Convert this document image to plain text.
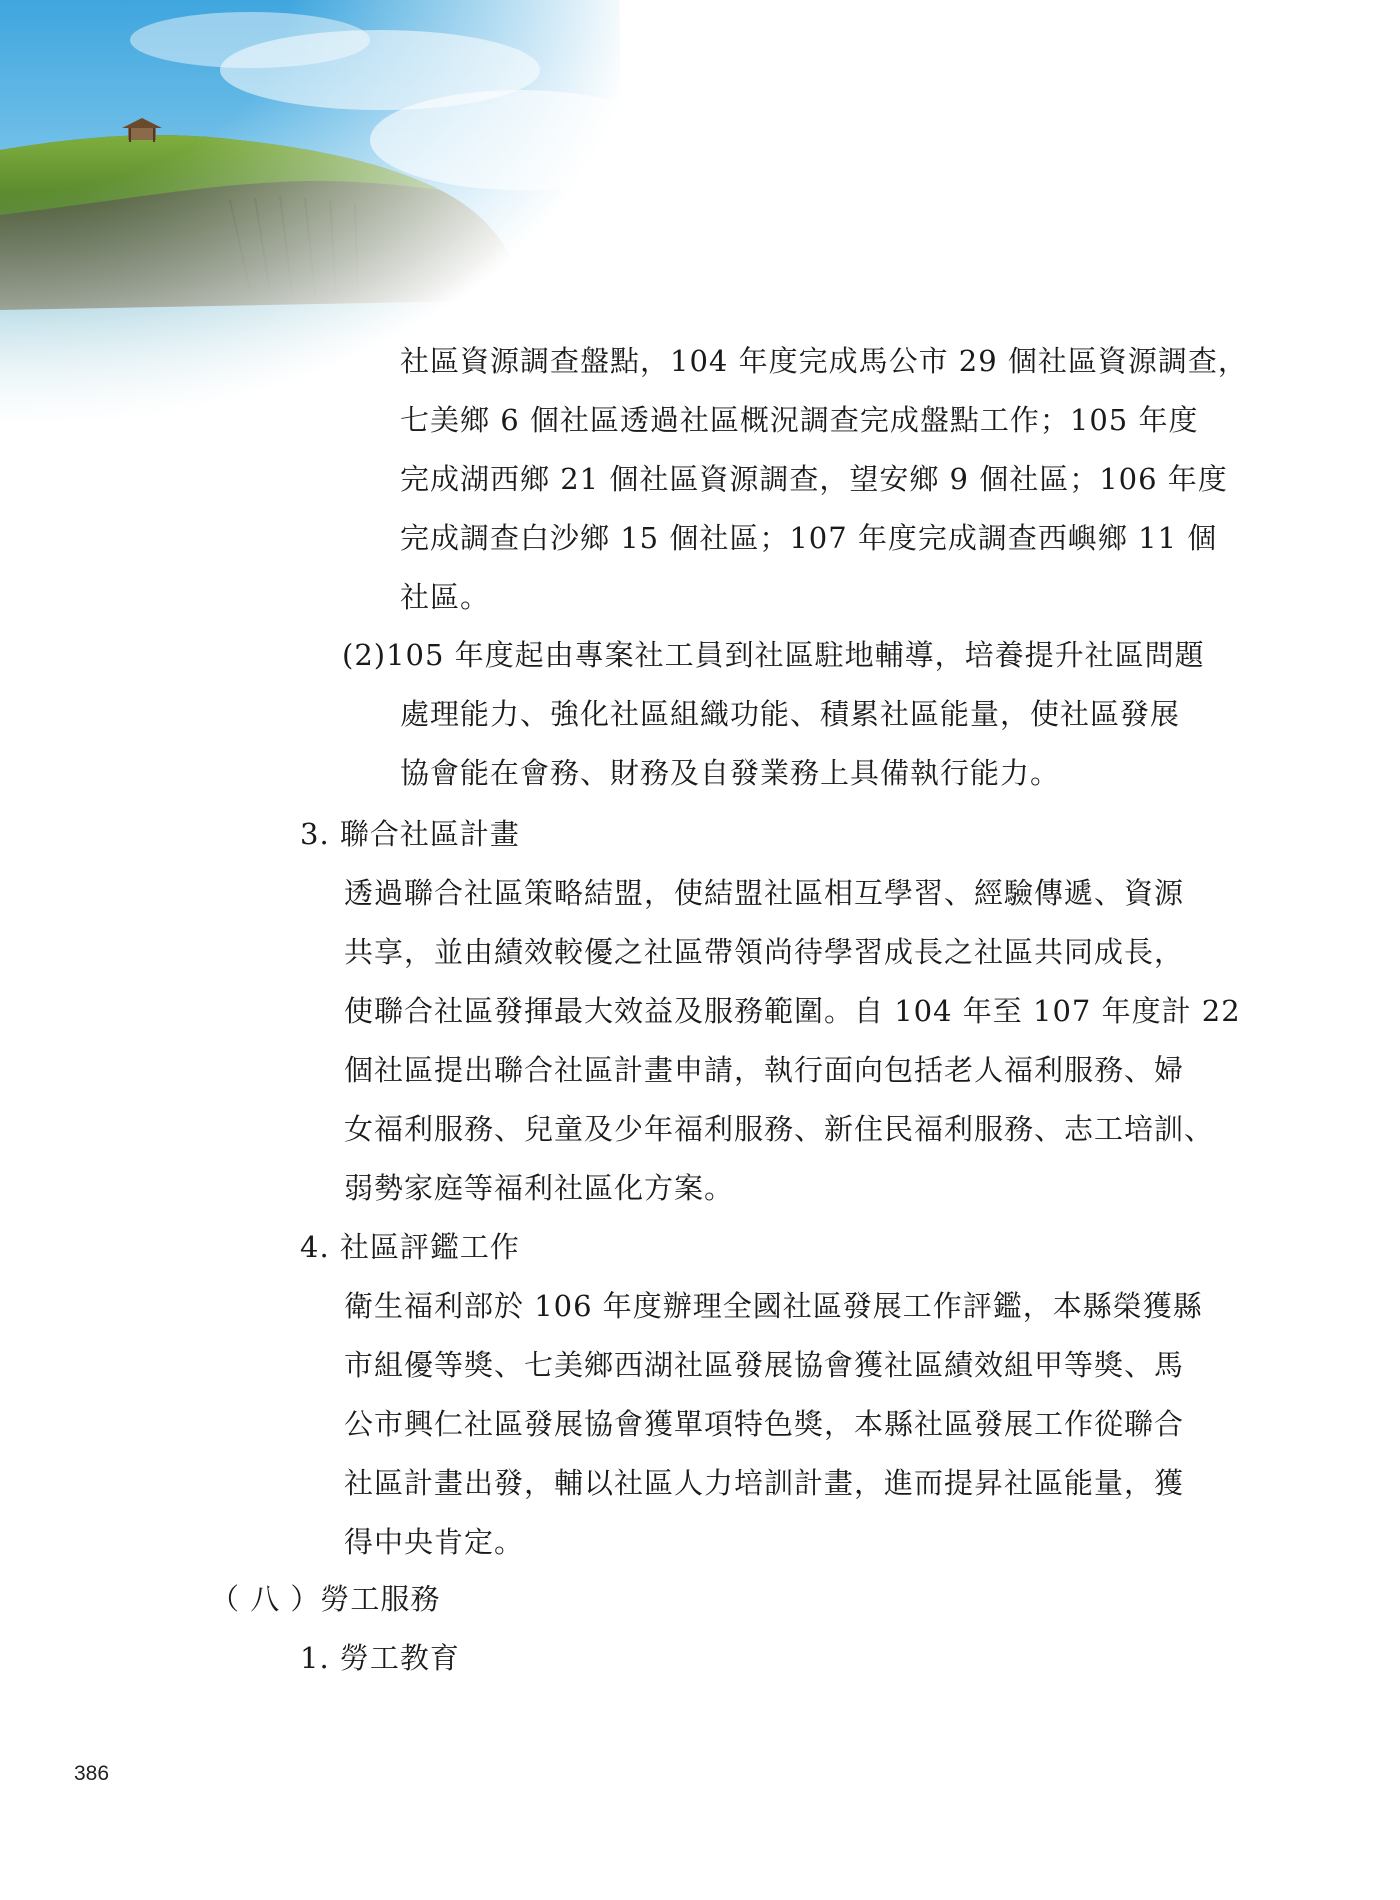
社區資源調查盤點，104 年度完成馬公市 29 個社區資源調查，
七美鄉 6 個社區透過社區概況調查完成盤點工作；105 年度
完成湖西鄉 21 個社區資源調查，望安鄉 9 個社區；106 年度
完成調查白沙鄉 15 個社區；107 年度完成調查西嶼鄉 11 個
社區。
(2)105 年度起由專案社工員到社區駐地輔導，培養提升社區問題
處理能力、強化社區組織功能、積累社區能量，使社區發展
協會能在會務、財務及自發業務上具備執行能力。
3. 聯合社區計畫
透過聯合社區策略結盟，使結盟社區相互學習、經驗傳遞、資源
共享，並由績效較優之社區帶領尚待學習成長之社區共同成長，
使聯合社區發揮最大效益及服務範圍。自 104 年至 107 年度計 22
個社區提出聯合社區計畫申請，執行面向包括老人福利服務、婦
女福利服務、兒童及少年福利服務、新住民福利服務、志工培訓、
弱勢家庭等福利社區化方案。
4. 社區評鑑工作
衛生福利部於 106 年度辦理全國社區發展工作評鑑，本縣榮獲縣
市組優等獎、七美鄉西湖社區發展協會獲社區績效組甲等獎、馬
公市興仁社區發展協會獲單項特色獎，本縣社區發展工作從聯合
社區計畫出發，輔以社區人力培訓計畫，進而提昇社區能量，獲
得中央肯定。
（ 八 ）勞工服務
1. 勞工教育
386
